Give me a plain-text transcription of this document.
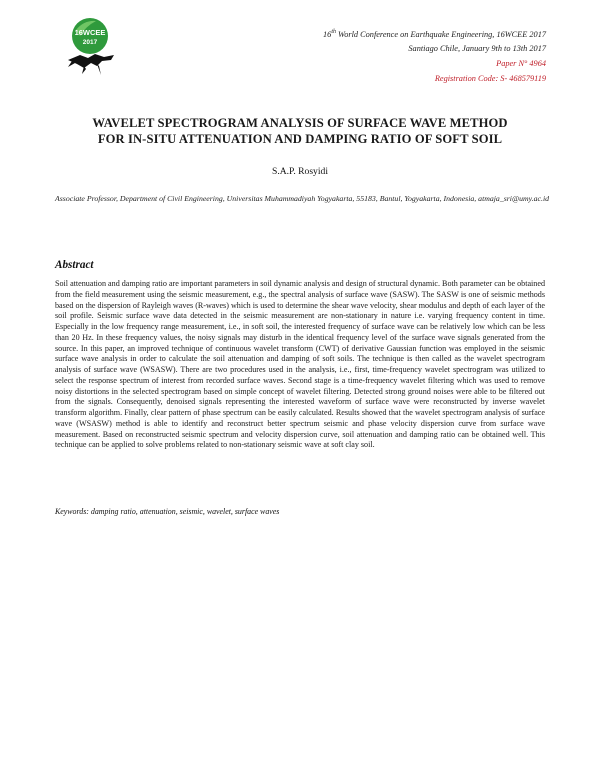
16WCEE
2017
16th World Conference on Earthquake Engineering, 16WCEE 2017
Santiago Chile, January 9th to 13th 2017
Paper N° 4964
Registration Code: S- 468579119
WAVELET SPECTROGRAM ANALYSIS OF SURFACE WAVE METHOD
FOR IN-SITU ATTENUATION AND DAMPING RATIO OF SOFT SOIL
S.A.P. Rosyidi
Associate Professor, Department of Civil Engineering, Universitas Muhammadiyah Yogyakarta, 55183, Bantul, Yogyakarta, Indonesia, atmaja_sri@umy.ac.id
Abstract

Soil attenuation and damping ratio are important parameters in soil dynamic analysis and design of structural dynamic. Both parameter can be obtained from the field measurement using the seismic measurement, e.g., the spectral analysis of surface wave (SASW). The SASW is one of seismic methods based on the dispersion of Rayleigh waves (R-waves) which is used to determine the shear wave velocity, shear modulus and depth of each layer of the soil profile. Seismic surface wave data detected in the seismic measurement are non-stationary in nature i.e. varying frequency content in time. Especially in the low frequency range measurement, i.e., in soft soil, the interested frequency of surface wave can be relatively low which can be less than 20 Hz. In these frequency values, the noisy signals may disturb in the identical frequency level of the surface wave signals generated from the source. In this paper, an improved technique of continuous wavelet transform (CWT) of derivative Gaussian function was employed in the seismic surface wave analysis in order to calculate the soil attenuation and damping of soft soils. The technique is then called as the wavelet spectrogram analysis of surface wave (WSASW). There are two procedures used in the analysis, i.e., first, time-frequency wavelet spectrogram was utilized to select the response spectrum of interest from recorded surface waves. Second stage is a time-frequency wavelet filtering which was used to remove noisy distortions in the selected spectrogram based on simple concept of wavelet filtering. Detected strong ground noises were able to be filtered out from the signals. Consequently, denoised signals representing the interested waveform of surface wave were reconstructed by inverse wavelet transform algorithm. Finally, clear pattern of phase spectrum can be easily calculated. Results showed that the wavelet spectrogram analysis of surface wave (WSASW) method is able to identify and reconstruct better spectrum seismic and phase velocity dispersion curve from surface wave measurement. Based on reconstructed seismic spectrum and velocity dispersion curve, soil attenuation and damping ratio can be obtained well. This technique can be applied to solve problems related to non-stationary seismic wave at soft clay soil.

Keywords: damping ratio, attenuation, seismic, wavelet, surface waves
